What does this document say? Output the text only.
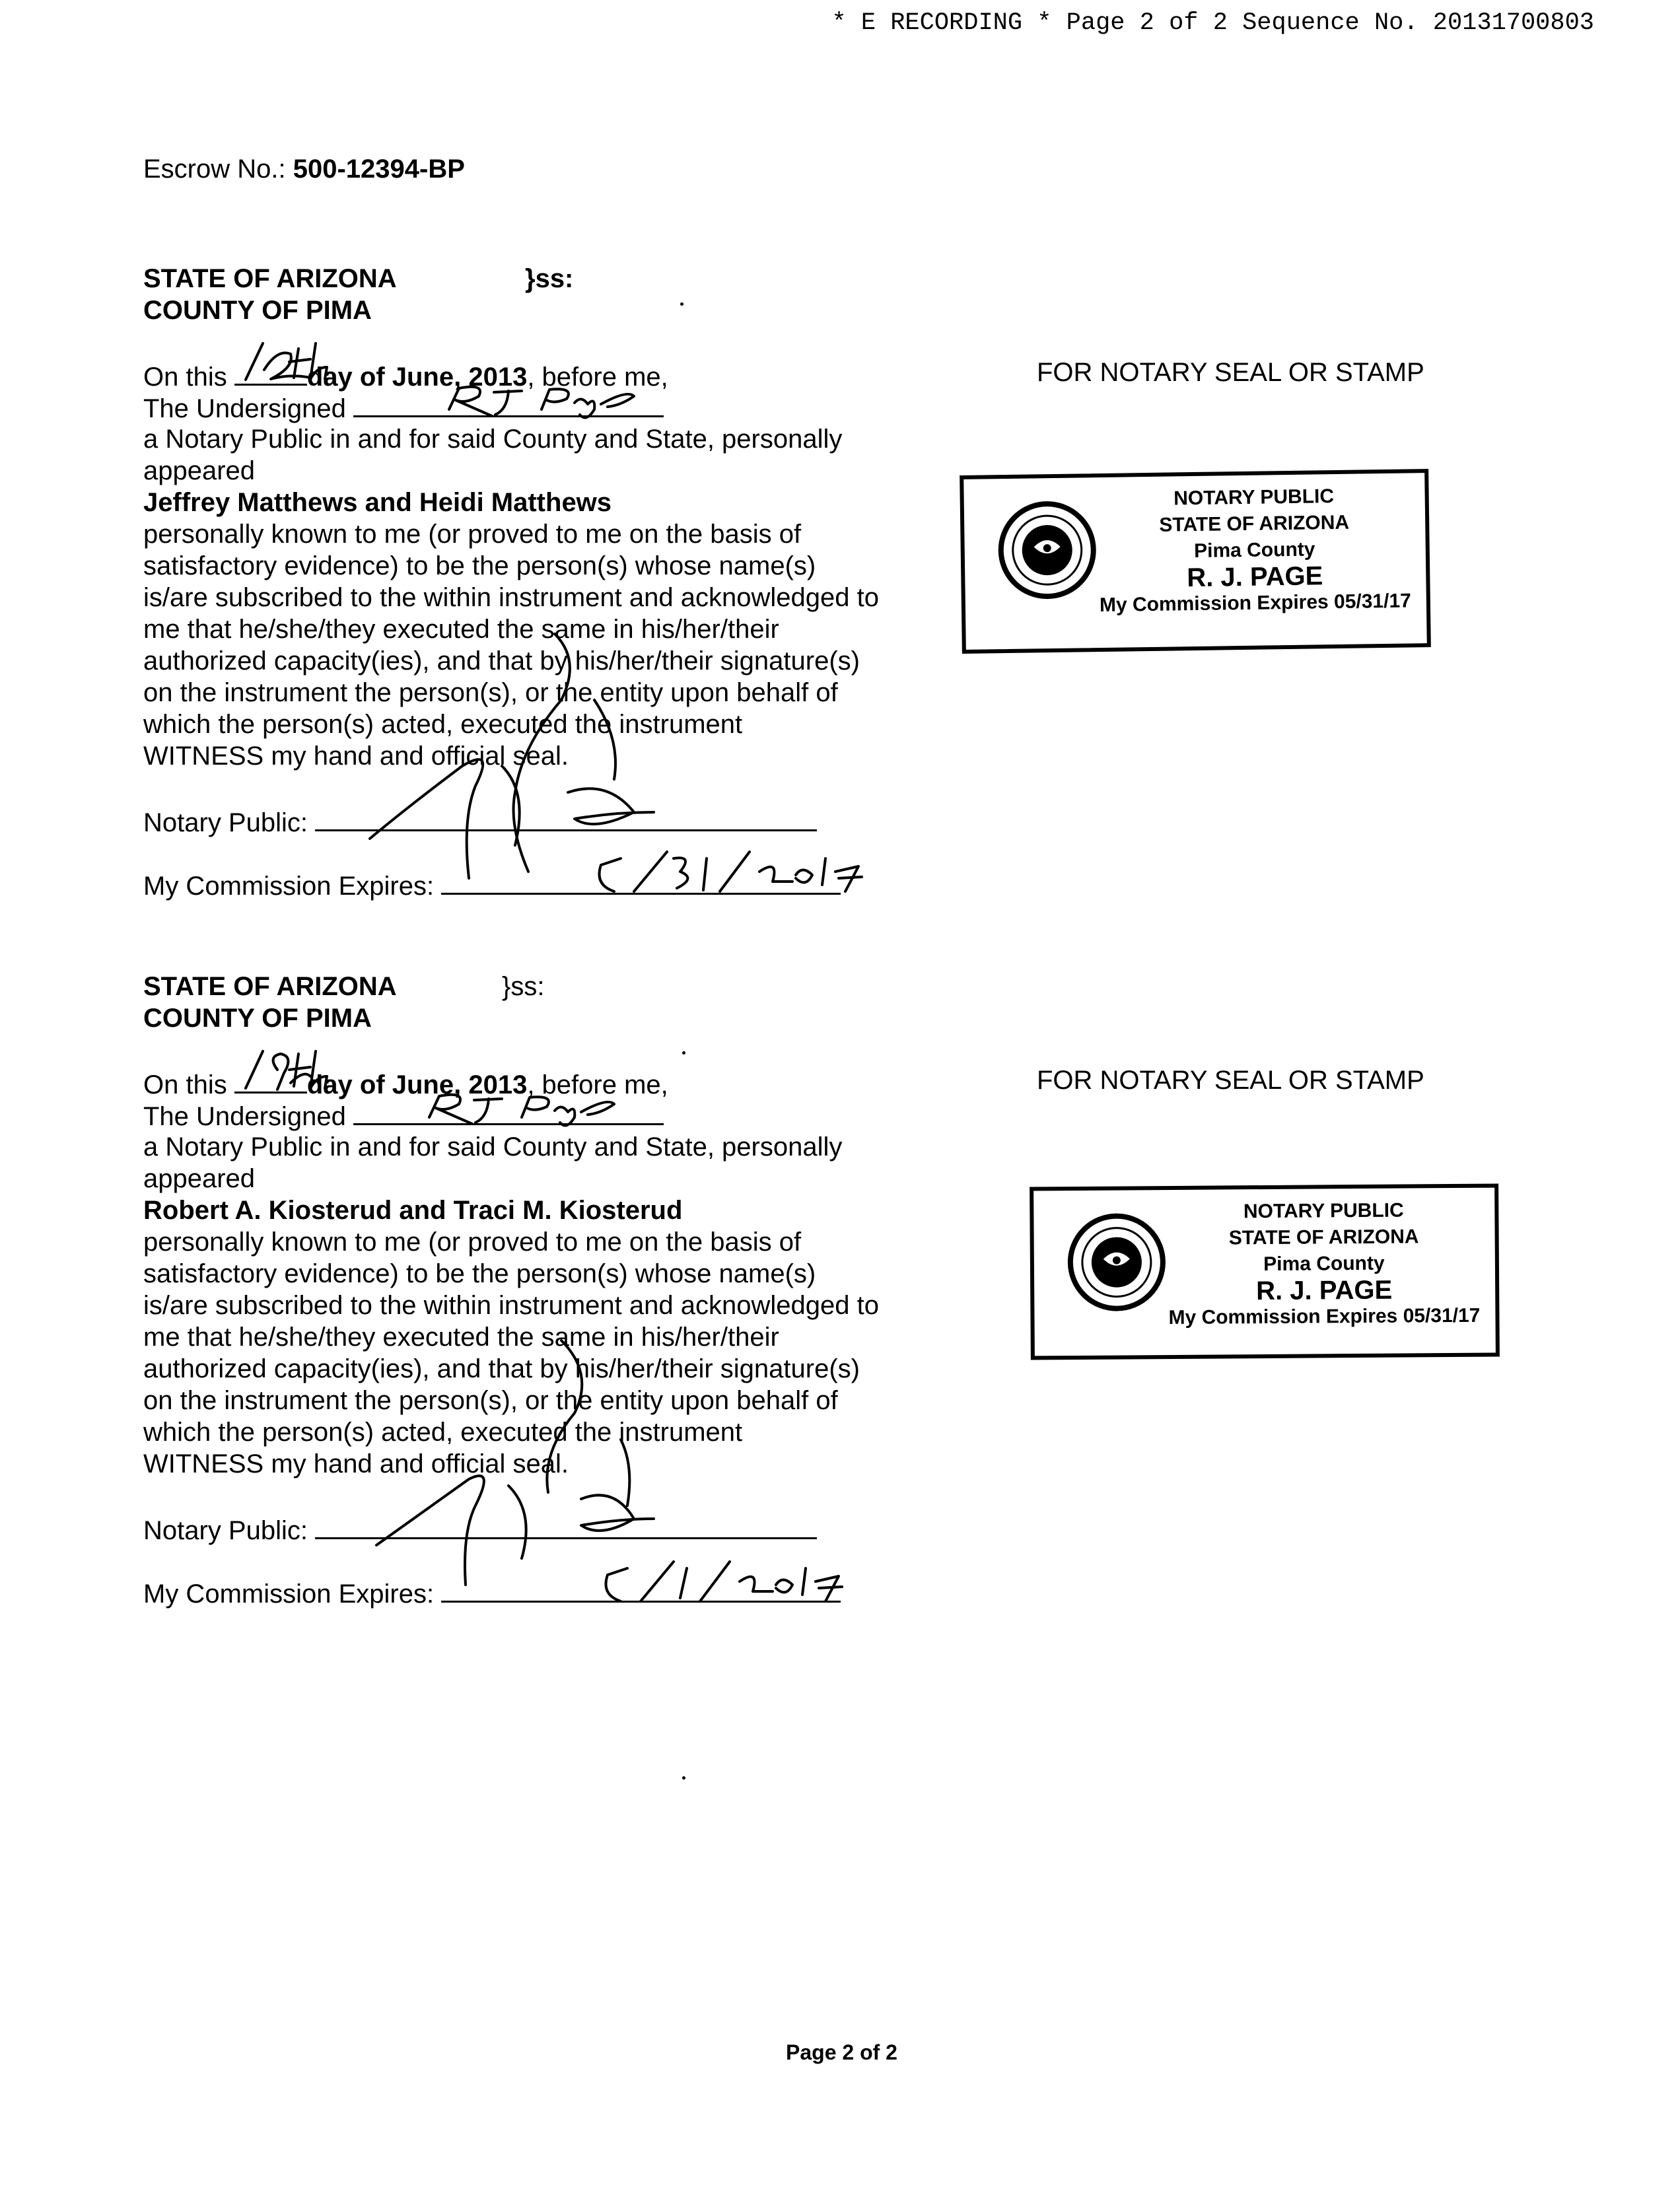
* E RECORDING * Page 2 of 2 Sequence No. 20131700803
Escrow No.: 500-12394-BP
STATE OF ARIZONA	}ss:
COUNTY OF PIMA
On this	day of June, 2013, before me,
The Undersigned
a Notary Public in and for said County and State, personally
appeared
Jeffrey Matthews and Heidi Matthews
personally known to me (or proved to me on the basis of
satisfactory evidence) to be the person(s) whose name(s)
is/are subscribed to the within instrument and acknowledged to
me that he/she/they executed the same in his/her/their
authorized capacity(ies), and that by his/her/their signature(s)
on the instrument the person(s), or the entity upon behalf of
which the person(s) acted, executed the instrument
WITNESS my hand and official seal.
Notary Public:
My Commission Expires:
FOR NOTARY SEAL OR STAMP
NOTARY PUBLIC
STATE OF ARIZONA
Pima County
R. J. PAGE
My Commission Expires 05/31/17
STATE OF ARIZONA	}ss:
COUNTY OF PIMA
On this	day of June, 2013, before me,
The Undersigned
a Notary Public in and for said County and State, personally
appeared
Robert A. Kiosterud and Traci M. Kiosterud
personally known to me (or proved to me on the basis of
satisfactory evidence) to be the person(s) whose name(s)
is/are subscribed to the within instrument and acknowledged to
me that he/she/they executed the same in his/her/their
authorized capacity(ies), and that by his/her/their signature(s)
on the instrument the person(s), or the entity upon behalf of
which the person(s) acted, executed the instrument
WITNESS my hand and official seal.
Notary Public:
My Commission Expires:
FOR NOTARY SEAL OR STAMP
NOTARY PUBLIC
STATE OF ARIZONA
Pima County
R. J. PAGE
My Commission Expires 05/31/17
Page 2 of 2
